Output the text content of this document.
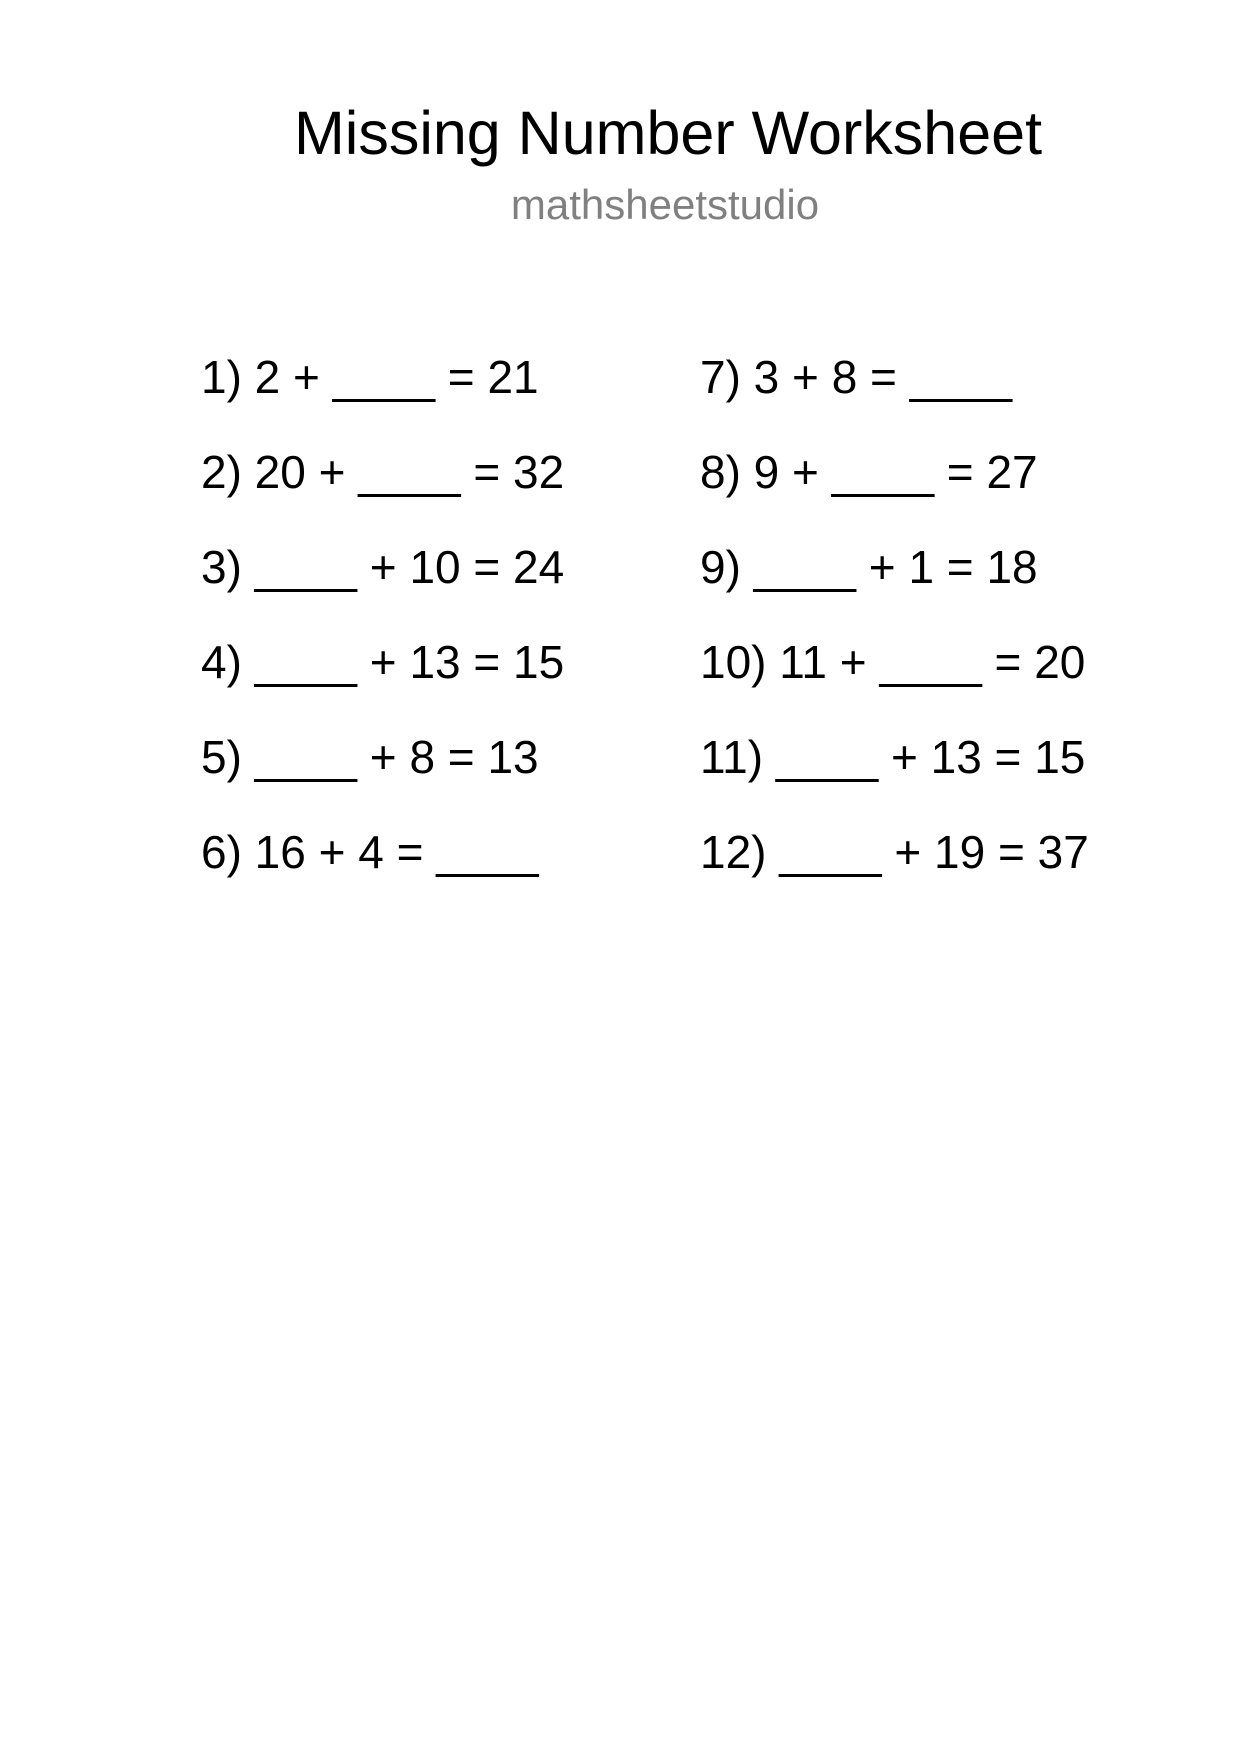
Missing Number Worksheet
mathsheetstudio
1) 2 + ____ = 21
2) 20 + ____ = 32
3) ____ + 10 = 24
4) ____ + 13 = 15
5) ____ + 8 = 13
6) 16 + 4 = ____
7) 3 + 8 = ____
8) 9 + ____ = 27
9) ____ + 1 = 18
10) 11 + ____ = 20
11) ____ + 13 = 15
12) ____ + 19 = 37
